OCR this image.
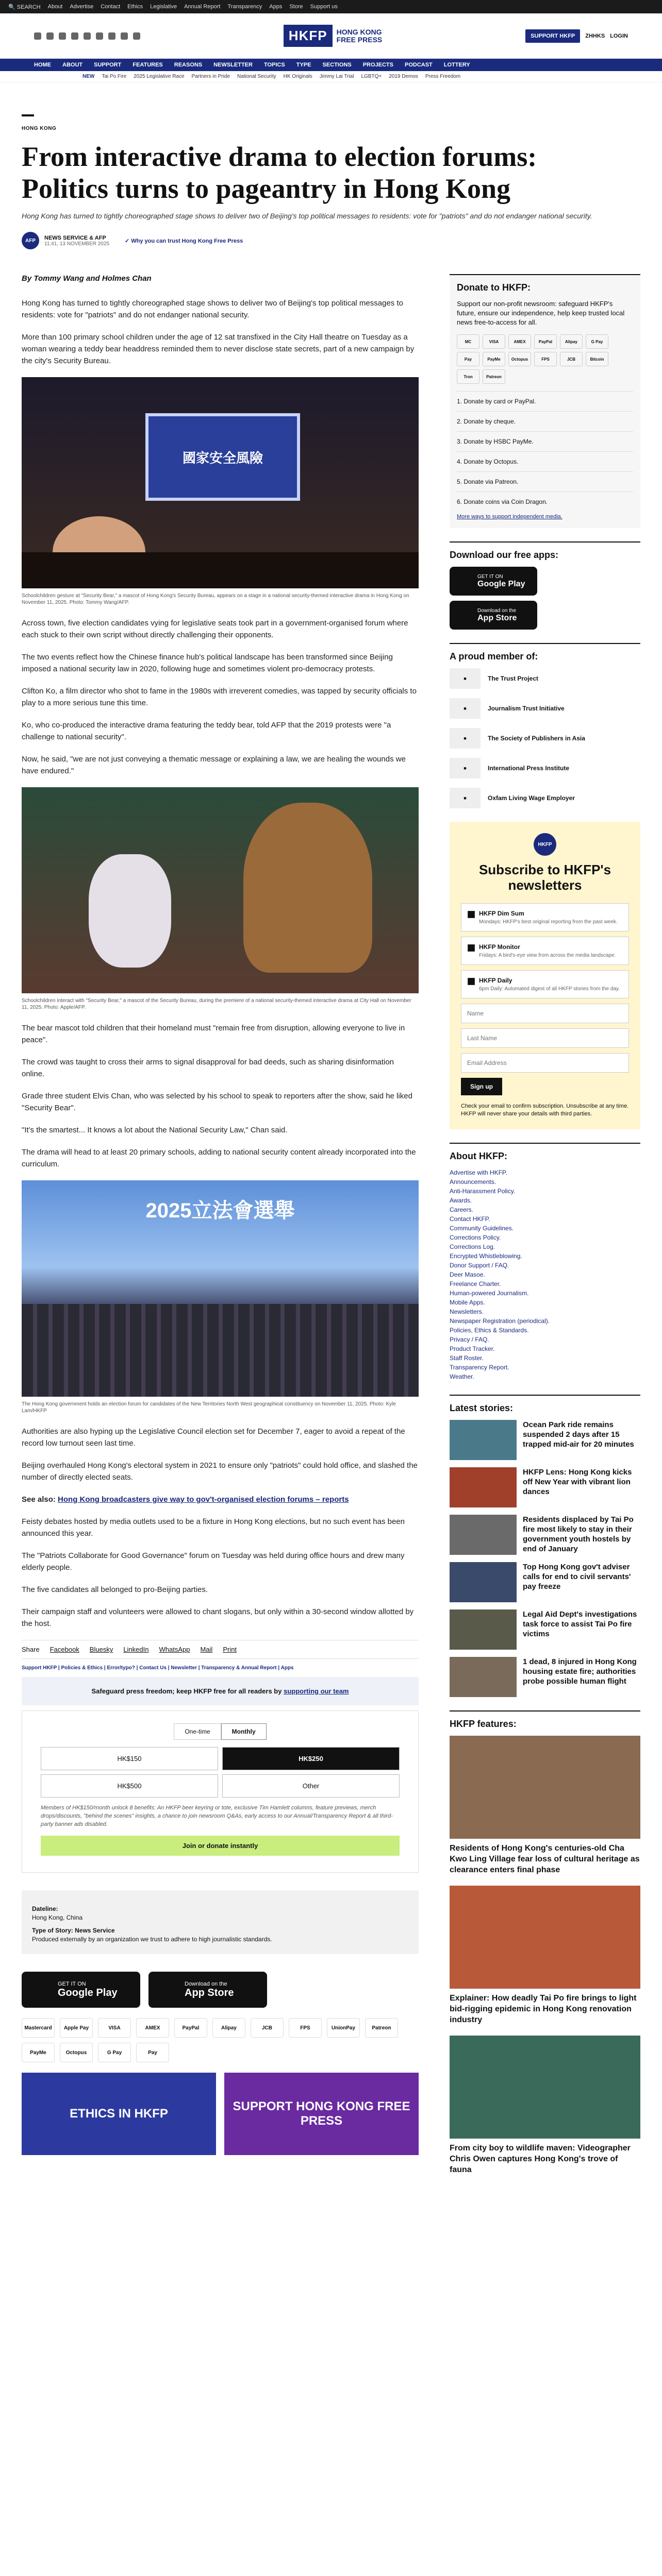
🔍 SEARCH About Advertise Contact Ethics Legislative Annual Report Transparency Apps Store Support us
HKFP	HONG KONG
FREE PRESS	SUPPORT HKFP	ZHHKS LOGIN
HOME ABOUT SUPPORT FEATURES REASONS NEWSLETTER TOPICS TYPE SECTIONS PROJECTS PODCAST LOTTERY
NEW Tai Po Fire 2025 Legislative Race Partners in Pride National Security HK Originals Jimmy Lai Trial LGBTQ+ 2019 Demos Press Freedom
HONG KONG
From interactive drama to election forums: Politics turns to pageantry in Hong Kong
Hong Kong has turned to tightly choreographed stage shows to deliver two of Beijing's top political messages to residents: vote for "patriots" and do not endanger national security.
AFP	NEWS SERVICE & AFP
11:41, 13 NOVEMBER 2025	✓ Why you can trust Hong Kong Free Press
By Tommy Wang and Holmes Chan

Hong Kong has turned to tightly choreographed stage shows to deliver two of Beijing's top political messages to residents: vote for "patriots" and do not endanger national security.

More than 100 primary school children under the age of 12 sat transfixed in the City Hall theatre on Tuesday as a woman wearing a teddy bear headdress reminded them to never disclose state secrets, part of a new campaign by the city's Security Bureau.

國家安全風險
Schoolchildren gesture at "Security Bear," a mascot of Hong Kong's Security Bureau, appears on a stage in a national security-themed interactive drama in Hong Kong on November 11, 2025. Photo: Tommy Wang/AFP.

Across town, five election candidates vying for legislative seats took part in a government-organised forum where each stuck to their own script without directly challenging their opponents.

The two events reflect how the Chinese finance hub's political landscape has been transformed since Beijing imposed a national security law in 2020, following huge and sometimes violent pro-democracy protests.

Clifton Ko, a film director who shot to fame in the 1980s with irreverent comedies, was tapped by security officials to play to a more serious tune this time.

Ko, who co-produced the interactive drama featuring the teddy bear, told AFP that the 2019 protests were "a challenge to national security".

Now, he said, "we are not just conveying a thematic message or explaining a law, we are healing the wounds we have endured."

Schoolchildren interact with "Security Bear," a mascot of the Security Bureau, during the premiere of a national security-themed interactive drama at City Hall on November 11, 2025. Photo: Apple/AFP.

The bear mascot told children that their homeland must "remain free from disruption, allowing everyone to live in peace".

The crowd was taught to cross their arms to signal disapproval for bad deeds, such as sharing disinformation online.

Grade three student Elvis Chan, who was selected by his school to speak to reporters after the show, said he liked "Security Bear".

"It's the smartest... It knows a lot about the National Security Law," Chan said.

The drama will head to at least 20 primary schools, adding to national security content already incorporated into the curriculum.

2025立法會選舉
The Hong Kong government holds an election forum for candidates of the New Territories North West geographical constituency on November 11, 2025. Photo: Kyle Lam/HKFP

Authorities are also hyping up the Legislative Council election set for December 7, eager to avoid a repeat of the record low turnout seen last time.

Beijing overhauled Hong Kong's electoral system in 2021 to ensure only "patriots" could hold office, and slashed the number of directly elected seats.

See also: Hong Kong broadcasters give way to gov't-organised election forums – reports

Feisty debates hosted by media outlets used to be a fixture in Hong Kong elections, but no such event has been announced this year.

The "Patriots Collaborate for Good Governance" forum on Tuesday was held during office hours and drew many elderly people.

The five candidates all belonged to pro-Beijing parties.

Their campaign staff and volunteers were allowed to chant slogans, but only within a 30-second window allotted by the host.

Share Facebook Bluesky LinkedIn WhatsApp Mail Print
Support HKFP | Policies & Ethics | Error/typo? | Contact Us | Newsletter | Transparency & Annual Report | Apps
Safeguard press freedom; keep HKFP free for all readers by supporting our team
One-time	Monthly
HK$150	HK$250
HK$500	Other
Members of HK$150/month unlock 8 benefits: An HKFP beer keyring or tote, exclusive Tim Hamlett columns, feature previews, merch drops/discounts, "behind the scenes" insights, a chance to join newsroom Q&As, early access to our Annual/Transparency Report & all third-party banner ads disabled.
Join or donate instantly
Dateline:
Hong Kong, China
Type of Story: News Service
Produced externally by an organization we trust to adhere to high journalistic standards.
GET IT ON
Google Play
Download on the
App Store
Mastercard	Apple Pay	VISA	AMEX	PayPal	Alipay	JCB	FPS	UnionPay	Patreon
PayMe	Octopus	G Pay	Pay
ETHICS IN HKFP
SUPPORT HONG KONG FREE PRESS
Donate to HKFP:

Support our non-profit newsroom: safeguard HKFP's future, ensure our independence, help keep trusted local news free-to-access for all.

MC	VISA	AMEX	PayPal	Alipay	G Pay
Pay	PayMe	Octopus	FPS	JCB	Bitcoin
Tron	Patreon
1. Donate by card or PayPal.
2. Donate by cheque.
3. Donate by HSBC PayMe.
4. Donate by Octopus.
5. Donate via Patreon.
6. Donate coins via Coin Dragon.
More ways to support independent media.
Download our free apps:
GET IT ON
Google Play
Download on the
App Store
A proud member of:
■	The Trust Project
■	Journalism Trust Initiative
■	The Society of Publishers in Asia
■	International Press Institute
■	Oxfam Living Wage Employer
HKFP
Subscribe to HKFP's newsletters
HKFP Dim Sum
Mondays: HKFP's best original reporting from the past week.
HKFP Monitor
Fridays: A bird's-eye view from across the media landscape.
HKFP Daily
6pm Daily: Automated digest of all HKFP stories from the day.
Name Last Name Email Address
Sign up

Check your email to confirm subscription. Unsubscribe at any time. HKFP will never share your details with third parties.

About HKFP:
Advertise with HKFP.
Announcements.
Anti-Harassment Policy.
Awards.
Careers.
Contact HKFP.
Community Guidelines.
Corrections Policy.
Corrections Log.
Encrypted Whistleblowing.
Donor Support / FAQ.
Deer Masoe.
Freelance Charter.
Human-powered Journalism.
Mobile Apps.
Newsletters.
Newspaper Registration (periodical).
Policies, Ethics & Standards.
Privacy / FAQ.
Product Tracker.
Staff Roster.
Transparency Report.
Weather.
Latest stories:
Ocean Park ride remains suspended 2 days after 15 trapped mid-air for 20 minutes
HKFP Lens: Hong Kong kicks off New Year with vibrant lion dances
Residents displaced by Tai Po fire most likely to stay in their government youth hostels by end of January
Top Hong Kong gov't adviser calls for end to civil servants' pay freeze
Legal Aid Dept's investigations task force to assist Tai Po fire victims
1 dead, 8 injured in Hong Kong housing estate fire; authorities probe possible human flight
HKFP features:
Residents of Hong Kong's centuries-old Cha Kwo Ling Village fear loss of cultural heritage as clearance enters final phase
Explainer: How deadly Tai Po fire brings to light bid-rigging epidemic in Hong Kong renovation industry
From city boy to wildlife maven: Videographer Chris Owen captures Hong Kong's trove of fauna
